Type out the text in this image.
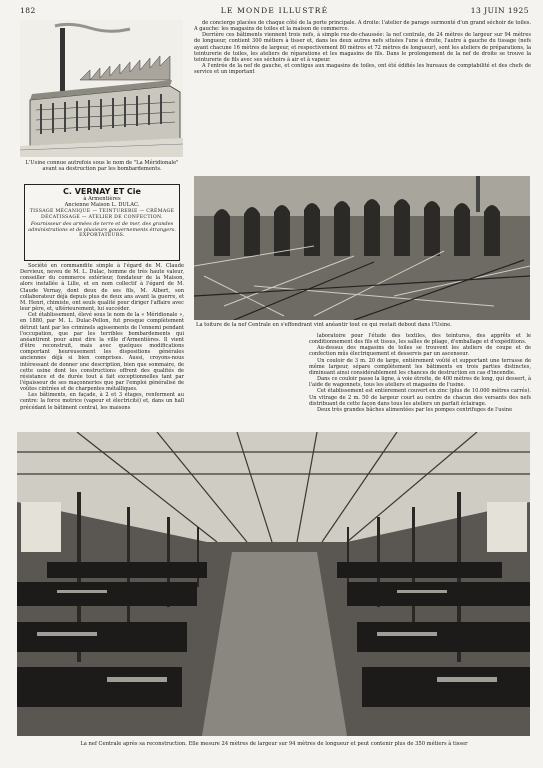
182	LE MONDE ILLUSTRÉ	13 JUIN 1925
L'Usine connue autrefois sous le nom de "La Méridionale" avant sa destruction par les bombardements.
C. VERNAY ET Cie
à Armentières
Ancienne Maison L. DULAC.
TISSAGE MÉCANIQUE — TEINTURERIE — CRÉMAGE
DÉCATISSAGE — ATELIER DE CONFECTION.
Fournisseur des armées de terre et de mer, des grandes administrations et de plusieurs gouvernements étrangers.
EXPORTATEURS.

Société en commandite simple à l'égard de M. Claude Dervieux, neveu de M. L. Dulac, homme de très haute valeur, conseiller du commerce extérieur, fondateur de la Maison, alors installée à Lille, et en nom collectif à l'égard de M. Claude Vernay, dont deux de ses fils, M. Albert, son collaborateur déjà depuis plus de deux ans avant la guerre, et M. Henri, chimiste, ont seuls qualité pour diriger l'affaire avec leur père, et, ultérieurement, lui succéder.

Cet établissement, élevé sous le nom de la « Méridionale », en 1880, par M. L. Dulac-Pellon, fut presque complètement détruit tant par les criminels agissements de l'ennemi pendant l'occupation, que par les terribles bombardements qui anéantirent pour ainsi dire la ville d'Armentières. Il vient d'être reconstruit, mais avec quelques modifications comportant heureusement les dispositions générales anciennes déjà si bien comprises. Aussi, croyons-nous intéressant de donner une description, bien que sommaire, de cette usine dont les constructions offrent des qualités de résistance et de durée tout à fait exceptionnelles tant par l'épaisseur de ses maçonneries que par l'emploi généralisé de voûtes cintrées et de charpentes métalliques.

Les bâtiments, en façade, à 2 et 3 étages, renferment au centre: la force motrice (vapeur et électricité) et, dans un hall précédant le bâtiment central, les maisons

de concierge placées de chaque côté de la porte principale. A droite: l'atelier de parage surmonté d'un grand séchoir de toiles. A gauche: les magasins de toiles et la maison de commerce.

Derrière ces bâtiments viennent trois nefs, à simple rez-de-chaussée: la nef centrale, de 24 mètres de largeur sur 94 mètres de longueur, contient 300 métiers à tisser et, dans les deux autres nefs situées l'une à droite, l'autre à gauche du tissage (nefs ayant chacune 16 mètres de largeur, et respectivement 80 mètres et 72 mètres de longueur), sont les ateliers de préparations, la teinturerie de toiles, les ateliers de réparations et les magasins de fils. Dans le prolongement de la nef de droite se trouve la teinturerie de fils avec ses séchoirs à air et à vapeur.

A l'entrée de la nef de gauche, et contigus aux magasins de toiles, ont été édifiés les bureaux de comptabilité et des chefs de service et un important

La toiture de la nef Centrale en s'effondrant vint anéantir tout ce qui restait debout dans l'Usine.

laboratoire pour l'étude des textiles, des teintures, des apprêts et le conditionnement des fils et tissus, les salles de pliage, d'emballage et d'expéditions.

Au-dessus des magasins de toiles se trouvent les ateliers de coupe et de confection mûs électriquement et desservis par un ascenseur.

Un couloir de 3 m. 20 de large, entièrement voûté et supportant une terrasse de même largeur, sépare complètement les bâtiments en trois parties distinctes, diminuant ainsi considérablement les chances de destruction en cas d'incendie.

Dans ce couloir passe la ligne, à voie étroite, de 400 mètres de long, qui dessert, à l'aide de wagonnets, tous les ateliers et magasins de l'usine.

Cet établissement est entièrement couvert en zinc (plus de 10.000 mètres carrés). Un vitrage de 2 m. 50 de largeur court au centre de chacun des versants des nefs distribuant de cette façon dans tous les ateliers un parfait éclairage.

Deux très grandes bâches alimentées par les pompes centrifuges de l'usine

La nef Centrale après sa reconstruction. Elle mesure 24 mètres de largeur sur 94 mètres de longueur et peut contenir plus de 350 métiers à tisser
